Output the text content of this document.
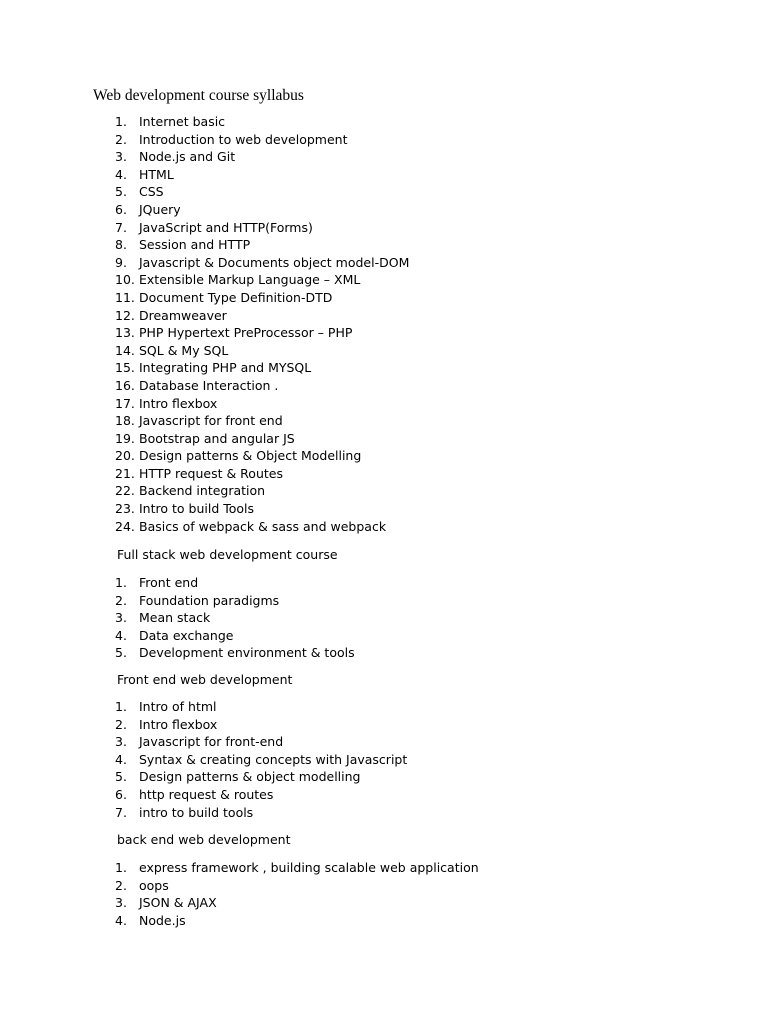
Web development course syllabus
1. Internet basic
2. Introduction to web development
3. Node.js and Git
4. HTML
5. CSS
6. JQuery
7. JavaScript and HTTP(Forms)
8. Session and HTTP
9. Javascript & Documents object model-DOM
10. Extensible Markup Language – XML
11. Document Type Definition-DTD
12. Dreamweaver
13. PHP Hypertext PreProcessor – PHP
14. SQL & My SQL
15. Integrating PHP and MYSQL
16. Database Interaction .
17. Intro flexbox
18. Javascript for front end
19. Bootstrap and angular JS
20. Design patterns & Object Modelling
21. HTTP request & Routes
22. Backend integration
23. Intro to build Tools
24. Basics of webpack & sass and webpack
Full stack web development course
1. Front end
2. Foundation paradigms
3. Mean stack
4. Data exchange
5. Development environment & tools
Front end web development
1. Intro of html
2. Intro flexbox
3. Javascript for front-end
4. Syntax & creating concepts with Javascript
5. Design patterns & object modelling
6. http request & routes
7. intro to build tools
back end web development
1. express framework , building scalable web application
2. oops
3. JSON & AJAX
4. Node.js
